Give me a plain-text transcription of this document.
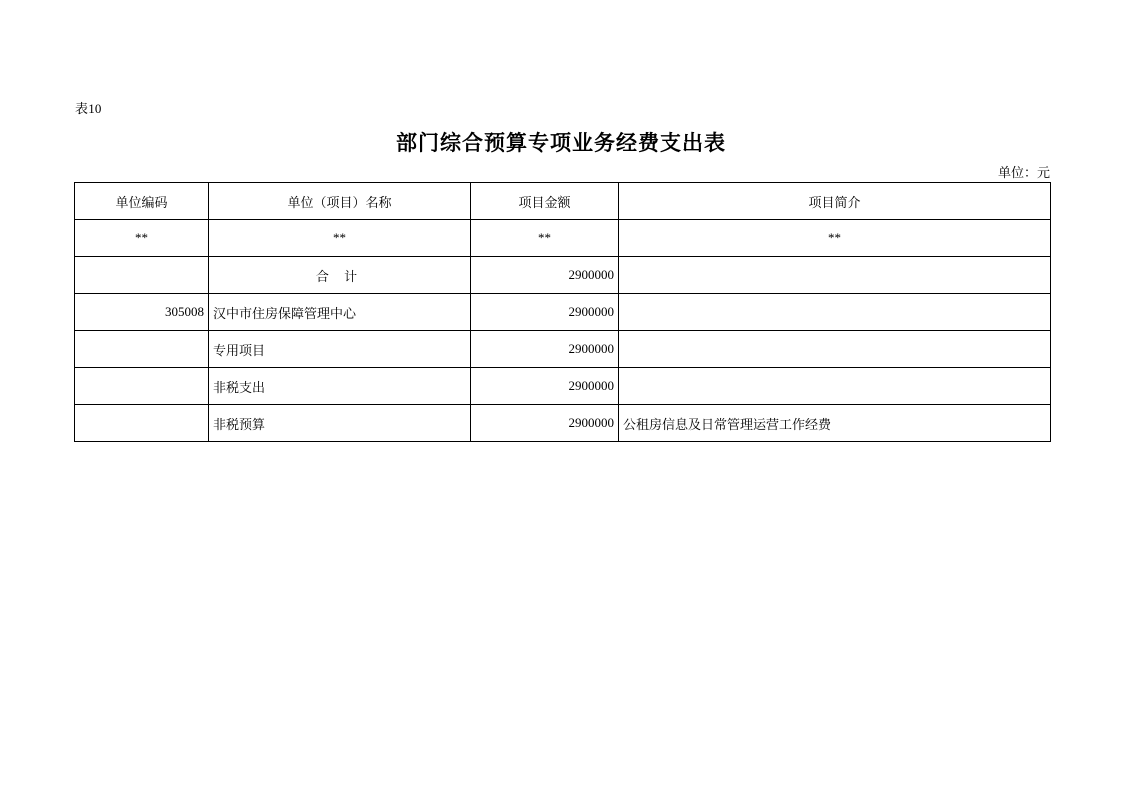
表10
部门综合预算专项业务经费支出表
单位：元
单位编码	单位（项目）名称	项目金额	项目简介
**	**	**	**
	合 计	2900000	
305008	汉中市住房保障管理中心	2900000	
	专用项目	2900000	
	非税支出	2900000	
	非税预算	2900000	公租房信息及日常管理运营工作经费
